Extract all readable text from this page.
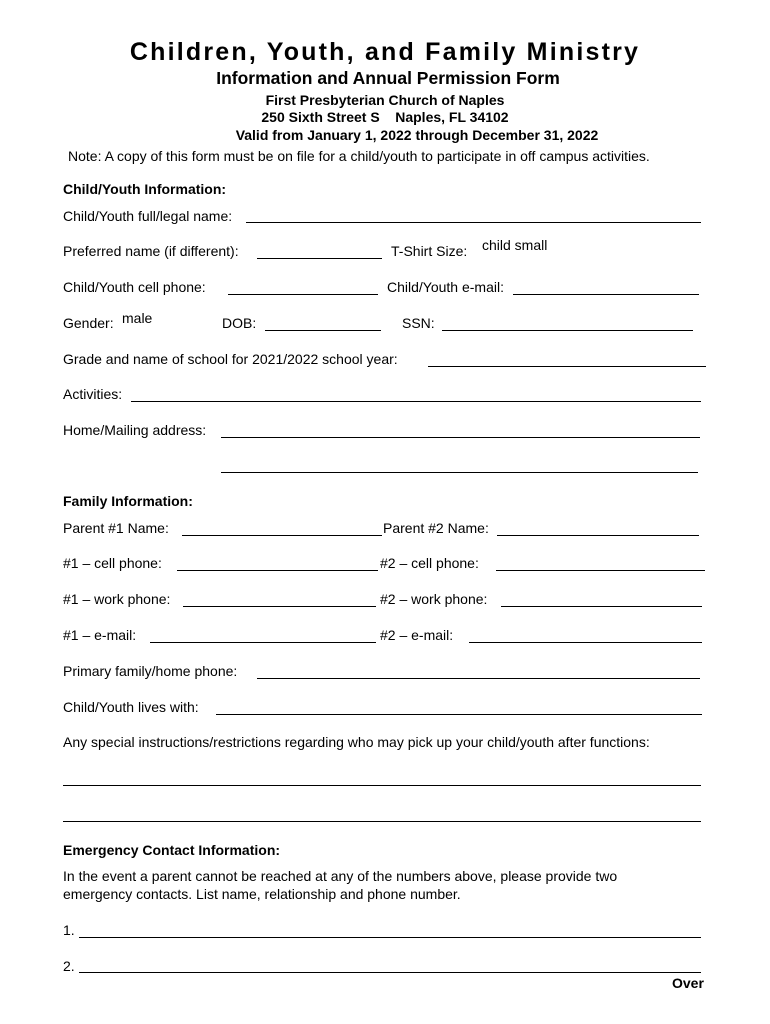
Children, Youth, and Family Ministry
Information and Annual Permission Form
First Presbyterian Church of Naples
250 Sixth Street S    Naples, FL 34102
Valid from January 1, 2022 through December 31, 2022
Note: A copy of this form must be on file for a child/youth to participate in off campus activities.
Child/Youth Information:
Child/Youth full/legal name:
Preferred name (if different):	T-Shirt Size: child small
Child/Youth cell phone:	Child/Youth e-mail:
Gender: male	DOB:	SSN:
Grade and name of school for 2021/2022 school year:
Activities:
Home/Mailing address:
Family Information:
Parent #1 Name:	Parent #2 Name:
#1 – cell phone:	#2 – cell phone:
#1 – work phone:	#2 – work phone:
#1 – e-mail:	#2 – e-mail:
Primary family/home phone:
Child/Youth lives with:
Any special instructions/restrictions regarding who may pick up your child/youth after functions:
Emergency Contact Information:
In the event a parent cannot be reached at any of the numbers above, please provide two
emergency contacts. List name, relationship and phone number.
1.
2.
Over
